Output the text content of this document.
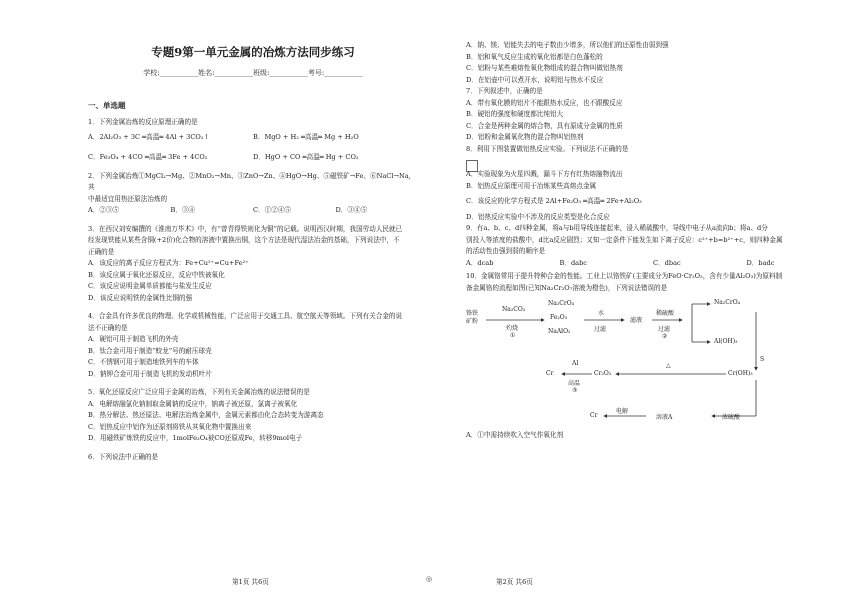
专题9第一单元金属的冶炼方法同步练习
学校:___________姓名:___________班级:___________考号:___________
一、单选题

1．下列金属冶炼的反应原理正确的是

A．2Al₂O₃ + 3C ═高温═ 4Al + 3CO₂↑	B．MgO + H₂ ═高温═ Mg + H₂O
C．Fe₃O₄ + 4CO ═高温═ 3Fe + 4CO₂	D．HgO + CO ═高温═ Hg + CO₂

2．下列金属冶炼①MgCl₂→Mg、②MnO₂→Mn、③ZnO→Zn、④HgO→Hg、⑤磁铁矿→Fe、⑥NaCl→Na，其

中最适宜用热还原法冶炼的

A．②③⑤	B．③④	C．①②④⑤	D．③④⑤

3．在西汉刘安编撰的《淮南万毕术》中，有“曾青得铁则化为铜”的记载。说明西汉时期，我国劳动人民就已

经发现铁能从某些含铜(+2价)化合物的溶液中置换出铜，这个方法是现代湿法冶金的基础，下列说法中，不

正确的是

A．该反应的离子反应方程式为：Fe+Cu²⁺=Cu+Fe²⁺

B．该反应属于氧化还原反应，反应中铁被氧化

C．该反应说明金属单质都能与盐发生反应

D．该反应说明铁的金属性比铜的强

4．合金具有许多优良的物理、化学或机械性能，广泛应用于交通工具、航空航天等领域。下列有关合金的说

法不正确的是

A．硬铝可用于制造飞机的外壳

B．钛合金可用于制造“蛟龙”号的耐压球壳

C．不锈钢可用于制造地铁列车的车体

D．钠钾合金可用于制造飞机的发动机叶片

5．氧化还原反应广泛应用于金属的冶炼，下列有关金属冶炼的说法错误的是

A．电解熔融氯化钠制取金属钠的反应中，钠离子被还原，氯离子被氧化

B．热分解法、热还原法、电解法冶炼金属中，金属元素都由化合态转变为游离态

C．铝热反应中铝作为还原剂将铁从其氧化物中置换出来

D．用磁铁矿炼铁的反应中，1molFe₃O₄被CO还原成Fe，转移9mol电子

6．下列说法中正确的是

A．钠、镁、铝能失去的电子数由少增多，所以他们的还原性由弱到强

B．铝和氧气反应生成的氧化铝都是白色蓬松的

C．铝粉与某些难熔性氧化物组成的混合物叫做铝热剂

D．在铝壶中可以煮开水，说明铝与热水不反应

7．下列叙述中，正确的是

A．带有氧化膜的铝片不能跟热水反应，也不跟酸反应

B．硬铝的强度和硬度都比纯铝大

C．合金是两种金属的熔合物，具有原成分金属的性质

D．铝粉和金属氧化物的混合物叫铝热剂

8．利用下图装置做铝热反应实验。下列说法不正确的是

A．实验现象为火星四溅，漏斗下方有红热熔融物流出

B．铝热反应原理可用于冶炼某些高熔点金属

C．该反应的化学方程式是 2Al+Fe₂O₃ ═高温═ 2Fe+Al₂O₃

D．铝热反应实验中不涉及的反应类型是化合反应

9．有a、b、c、d四种金属，将a与b用导线连接起来，浸入稀硫酸中，导线中电子从a流向b；将a、d分

别投入等浓度的盐酸中，d比a反应剧烈；又知一定条件下能发生如下离子反应：c²⁺+b=b²⁺+c，则四种金属

的活动性由强到弱的顺序是

A．dcab	B．dabc	C．dbac	D．badc

10．金属铬常用于提升特种合金的性能。工业上以铬铁矿(主要成分为FeO·Cr₂O₃，含有少量Al₂O₃)为原料制

备金属铬的流程如图(已知Na₂Cr₂O₇溶液为橙色)，下列说法错误的是

铬铁
矿粉
Na₂CO₃
灼烧
①
Na₂CrO₄
Fe₂O₃
NaAlO₂
水
过滤
滤液
稀硫酸
过滤
②
Na₂CrO₄
Al(OH)₃
S
Cr(OH)₃
△
Cr₂O₃
Al
高温
③
Cr
浓硫酸
溶液A
电解
Cr

A．①中需持续吹入空气作氧化剂

第1页 共6页	◎	第2页 共6页
